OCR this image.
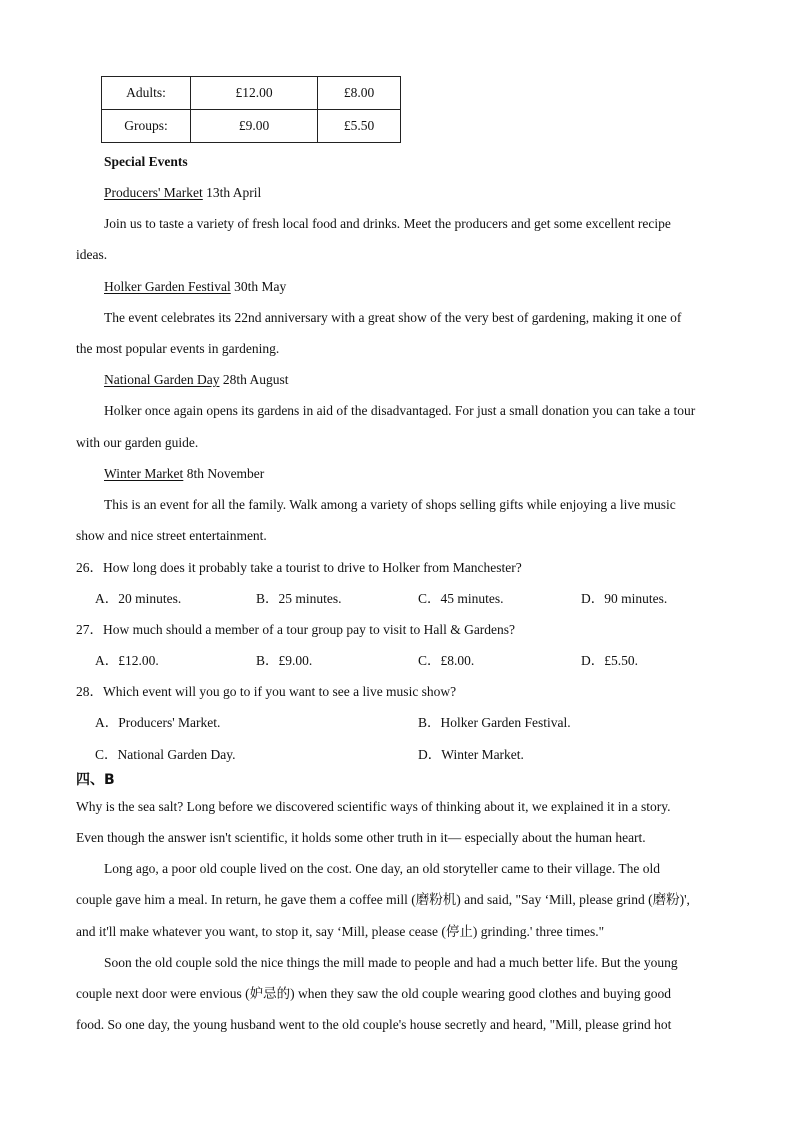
Adults:	£12.00	£8.00
Groups:	£9.00	£5.50
Special Events
Producers' Market 13th April
Join us to taste a variety of fresh local food and drinks. Meet the producers and get some excellent recipe
ideas.
Holker Garden Festival 30th May
The event celebrates its 22nd anniversary with a great show of the very best of gardening, making it one of
the most popular events in gardening.
National Garden Day 28th August
Holker once again opens its gardens in aid of the disadvantaged. For just a small donation you can take a tour
with our garden guide.
Winter Market 8th November
This is an event for all the family. Walk among a variety of shops selling gifts while enjoying a live music
show and nice street entertainment.
26．How long does it probably take a tourist to drive to Holker from Manchester?
A．20 minutes.	B．25 minutes.	C．45 minutes.	D．90 minutes.
27．How much should a member of a tour group pay to visit to Hall & Gardens?
A．£12.00.	B．£9.00.	C．£8.00.	D．£5.50.
28．Which event will you go to if you want to see a live music show?
A．Producers' Market.	B．Holker Garden Festival.
C．National Garden Day.	D．Winter Market.
四、B
Why is the sea salt? Long before we discovered scientific ways of thinking about it, we explained it in a story.
Even though the answer isn't scientific, it holds some other truth in it— especially about the human heart.
Long ago, a poor old couple lived on the cost. One day, an old storyteller came to their village. The old
couple gave him a meal. In return, he gave them a coffee mill (磨粉机) and said, "Say ‘Mill, please grind (磨粉)',
and it'll make whatever you want, to stop it, say ‘Mill, please cease (停止) grinding.' three times."
Soon the old couple sold the nice things the mill made to people and had a much better life. But the young
couple next door were envious (妒忌的) when they saw the old couple wearing good clothes and buying good
food. So one day, the young husband went to the old couple's house secretly and heard, "Mill, please grind hot
